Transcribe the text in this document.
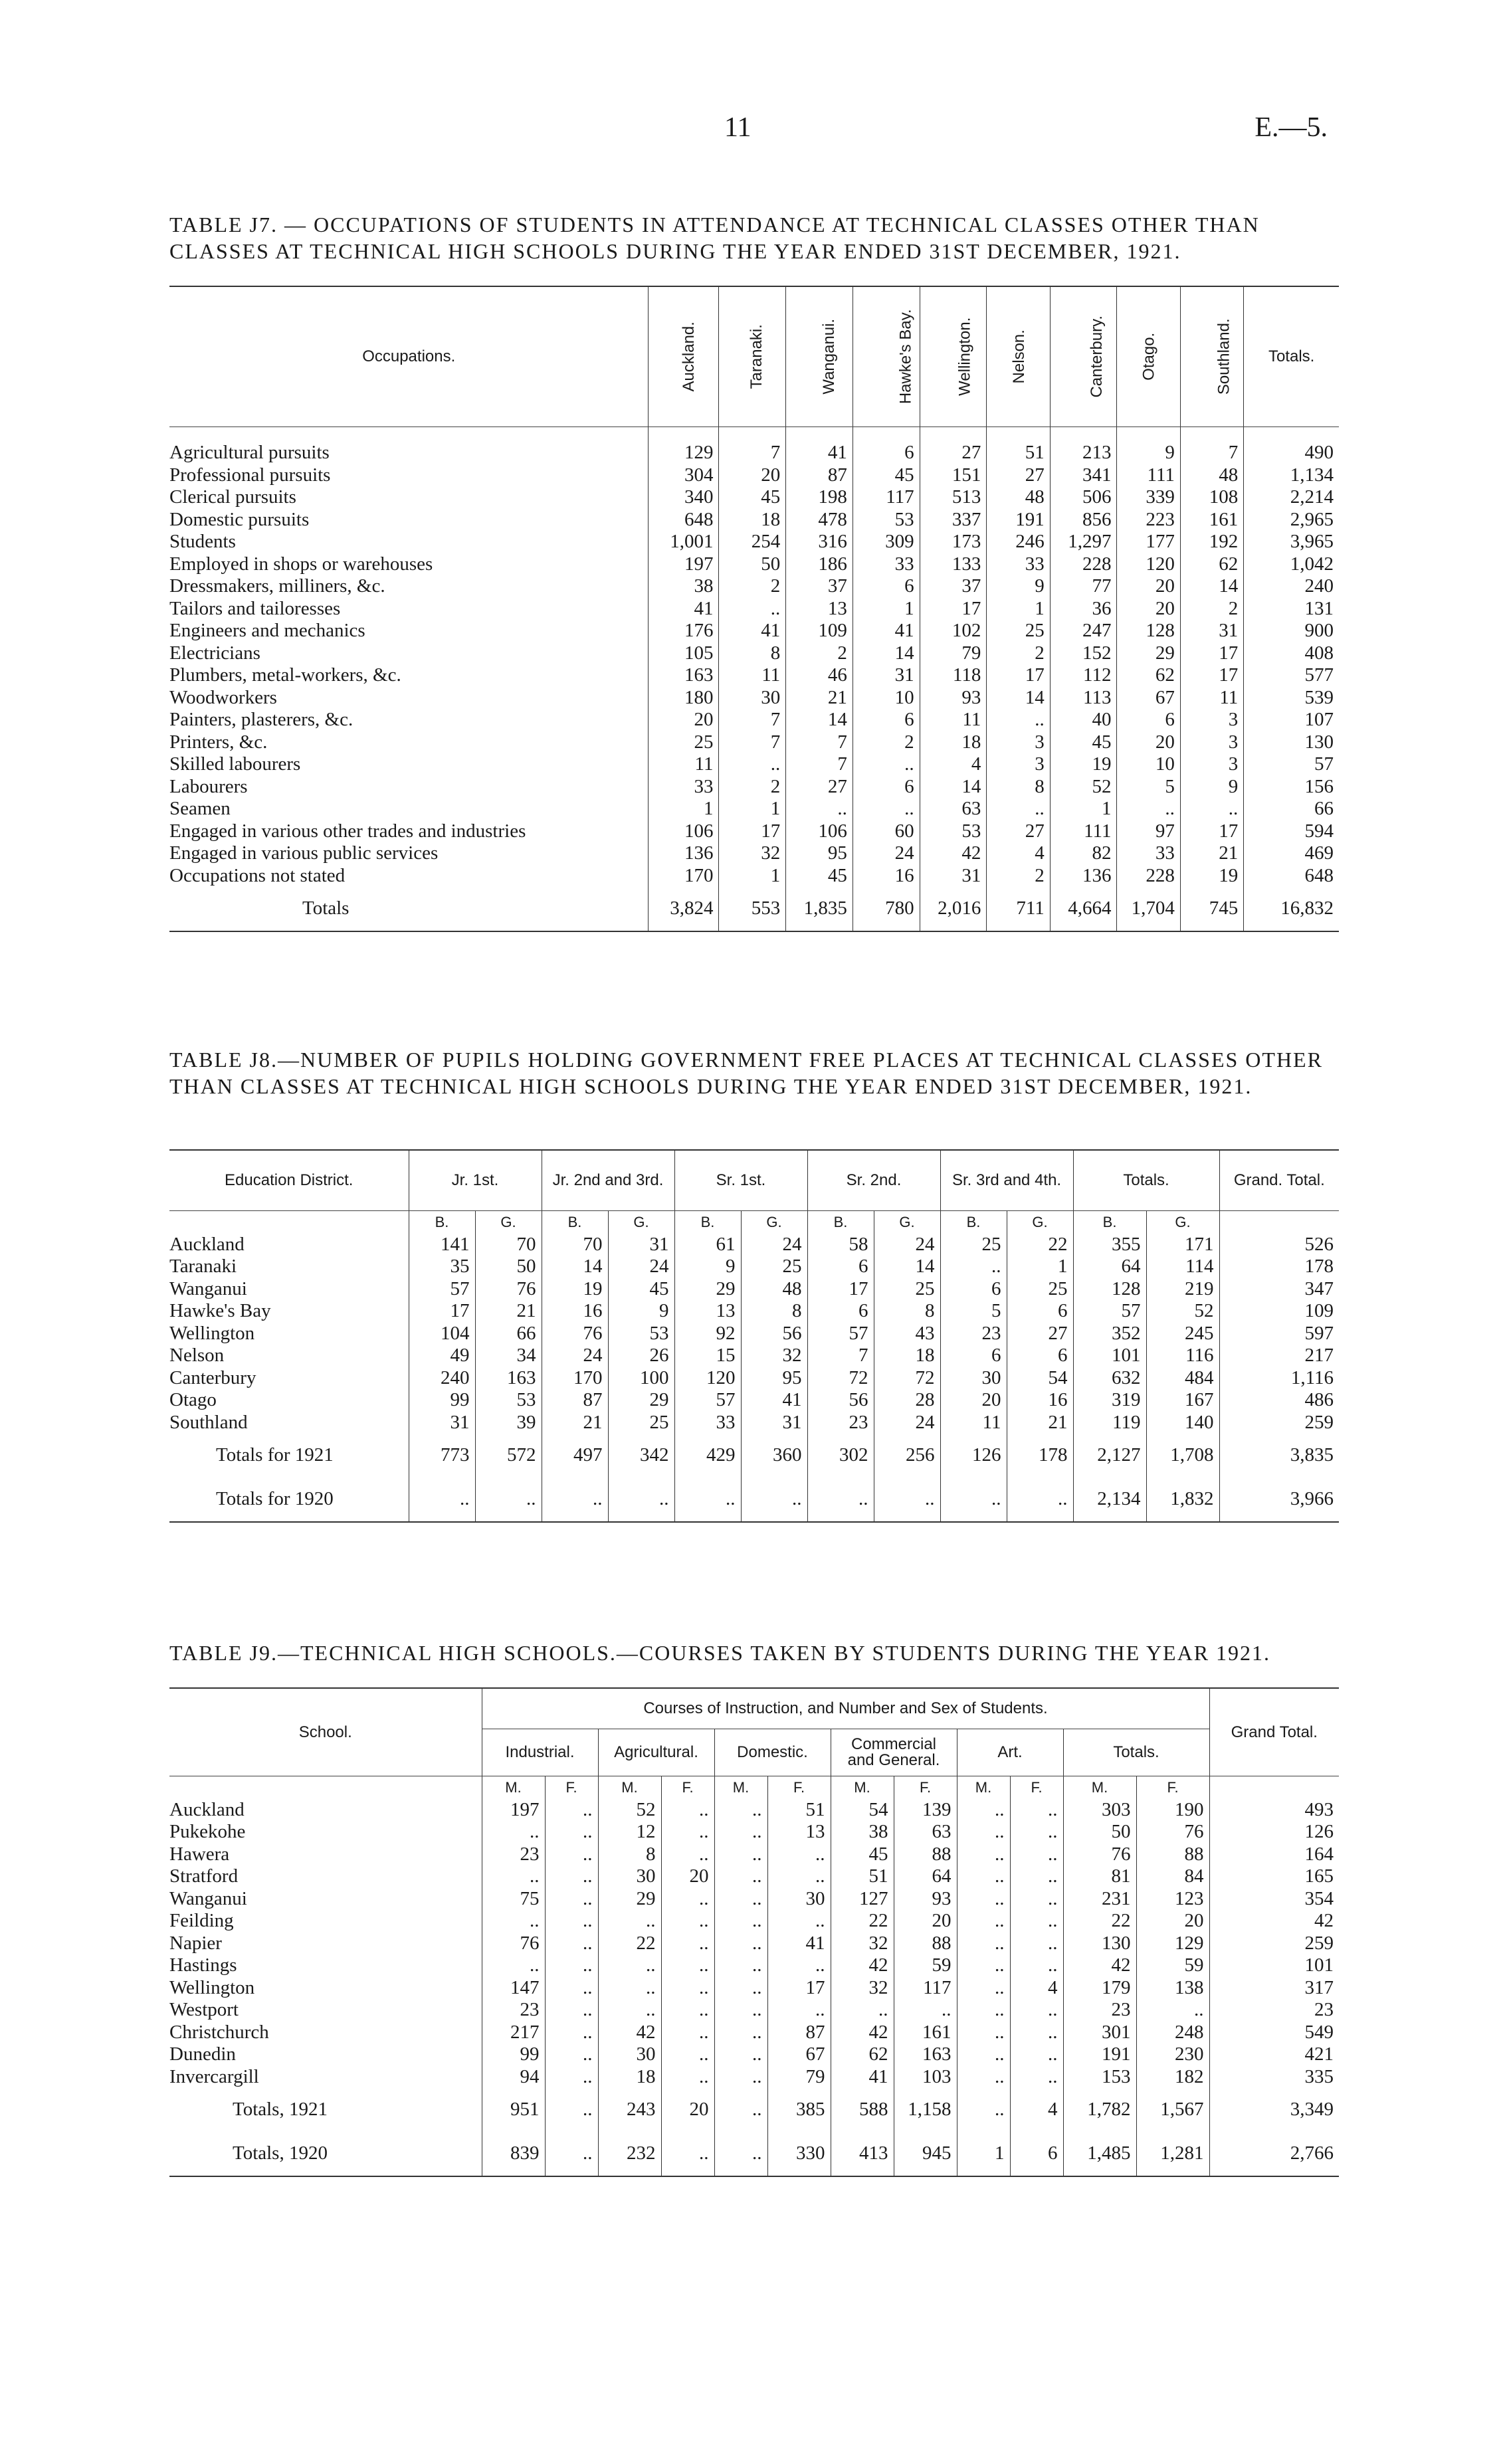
11	E.—5.
TABLE J7. — OCCUPATIONS OF STUDENTS IN ATTENDANCE AT TECHNICAL CLASSES OTHER THAN CLASSES AT TECHNICAL HIGH SCHOOLS DURING THE YEAR ENDED 31ST DECEMBER, 1921.
Occupations.	Auckland.	Taranaki.	Wanganui.	Hawke's Bay.	Wellington.	Nelson.	Canterbury.	Otago.	Southland.	Totals.

Agricultural pursuits	129	7	41	6	27	51	213	9	7	490
Professional pursuits	304	20	87	45	151	27	341	111	48	1,134
Clerical pursuits	340	45	198	117	513	48	506	339	108	2,214
Domestic pursuits	648	18	478	53	337	191	856	223	161	2,965
Students	1,001	254	316	309	173	246	1,297	177	192	3,965
Employed in shops or warehouses	197	50	186	33	133	33	228	120	62	1,042
Dressmakers, milliners, &c.	38	2	37	6	37	9	77	20	14	240
Tailors and tailoresses	41	..	13	1	17	1	36	20	2	131
Engineers and mechanics	176	41	109	41	102	25	247	128	31	900
Electricians	105	8	2	14	79	2	152	29	17	408
Plumbers, metal-workers, &c.	163	11	46	31	118	17	112	62	17	577
Woodworkers	180	30	21	10	93	14	113	67	11	539
Painters, plasterers, &c.	20	7	14	6	11	..	40	6	3	107
Printers, &c.	25	7	7	2	18	3	45	20	3	130
Skilled labourers	11	..	7	..	4	3	19	10	3	57
Labourers	33	2	27	6	14	8	52	5	9	156
Seamen	1	1	..	..	63	..	1	..	..	66
Engaged in various other trades and industries	106	17	106	60	53	27	111	97	17	594
Engaged in various public services	136	32	95	24	42	4	82	33	21	469
Occupations not stated	170	1	45	16	31	2	136	228	19	648
Totals	3,824	553	1,835	780	2,016	711	4,664	1,704	745	16,832
TABLE J8.—NUMBER OF PUPILS HOLDING GOVERNMENT FREE PLACES AT TECHNICAL CLASSES OTHER THAN CLASSES AT TECHNICAL HIGH SCHOOLS DURING THE YEAR ENDED 31ST DECEMBER, 1921.
Education District.	Jr. 1st.		Jr. 2nd and 3rd.		Sr. 1st.		Sr. 2nd.		Sr. 3rd and 4th.		Totals.		Grand. Total.
	B.	G.	B.	G.	B.	G.	B.	G.	B.	G.	B.	G.	
Auckland	141	70	70	31	61	24	58	24	25	22	355	171	526
Taranaki	35	50	14	24	9	25	6	14	..	1	64	114	178
Wanganui	57	76	19	45	29	48	17	25	6	25	128	219	347
Hawke's Bay	17	21	16	9	13	8	6	8	5	6	57	52	109
Wellington	104	66	76	53	92	56	57	43	23	27	352	245	597
Nelson	49	34	24	26	15	32	7	18	6	6	101	116	217
Canterbury	240	163	170	100	120	95	72	72	30	54	632	484	1,116
Otago	99	53	87	29	57	41	56	28	20	16	319	167	486
Southland	31	39	21	25	33	31	23	24	11	21	119	140	259
Totals for 1921	773	572	497	342	429	360	302	256	126	178	2,127	1,708	3,835
Totals for 1920	..	..	..	..	..	..	..	..	..	..	2,134	1,832	3,966
TABLE J9.—TECHNICAL HIGH SCHOOLS.—COURSES TAKEN BY STUDENTS DURING THE YEAR 1921.
School.	Courses of Instruction, and Number and Sex of Students.												Grand Total.
	Industrial.		Agricultural.		Domestic.		Commercial and General.		Art.		Totals.		
	M.	F.	M.	F.	M.	F.	M.	F.	M.	F.	M.	F.	
Auckland	197	..	52	..	..	51	54	139	..	..	303	190	493
Pukekohe	..	..	12	..	..	13	38	63	..	..	50	76	126
Hawera	23	..	8	..	..	..	45	88	..	..	76	88	164
Stratford	..	..	30	20	..	..	51	64	..	..	81	84	165
Wanganui	75	..	29	..	..	30	127	93	..	..	231	123	354
Feilding	..	..	..	..	..	..	22	20	..	..	22	20	42
Napier	76	..	22	..	..	41	32	88	..	..	130	129	259
Hastings	..	..	..	..	..	..	42	59	..	..	42	59	101
Wellington	147	..	..	..	..	17	32	117	..	4	179	138	317
Westport	23	..	..	..	..	..	..	..	..	..	23	..	23
Christchurch	217	..	42	..	..	87	42	161	..	..	301	248	549
Dunedin	99	..	30	..	..	67	62	163	..	..	191	230	421
Invercargill	94	..	18	..	..	79	41	103	..	..	153	182	335
Totals, 1921	951	..	243	20	..	385	588	1,158	..	4	1,782	1,567	3,349
Totals, 1920	839	..	232	..	..	330	413	945	1	6	1,485	1,281	2,766
